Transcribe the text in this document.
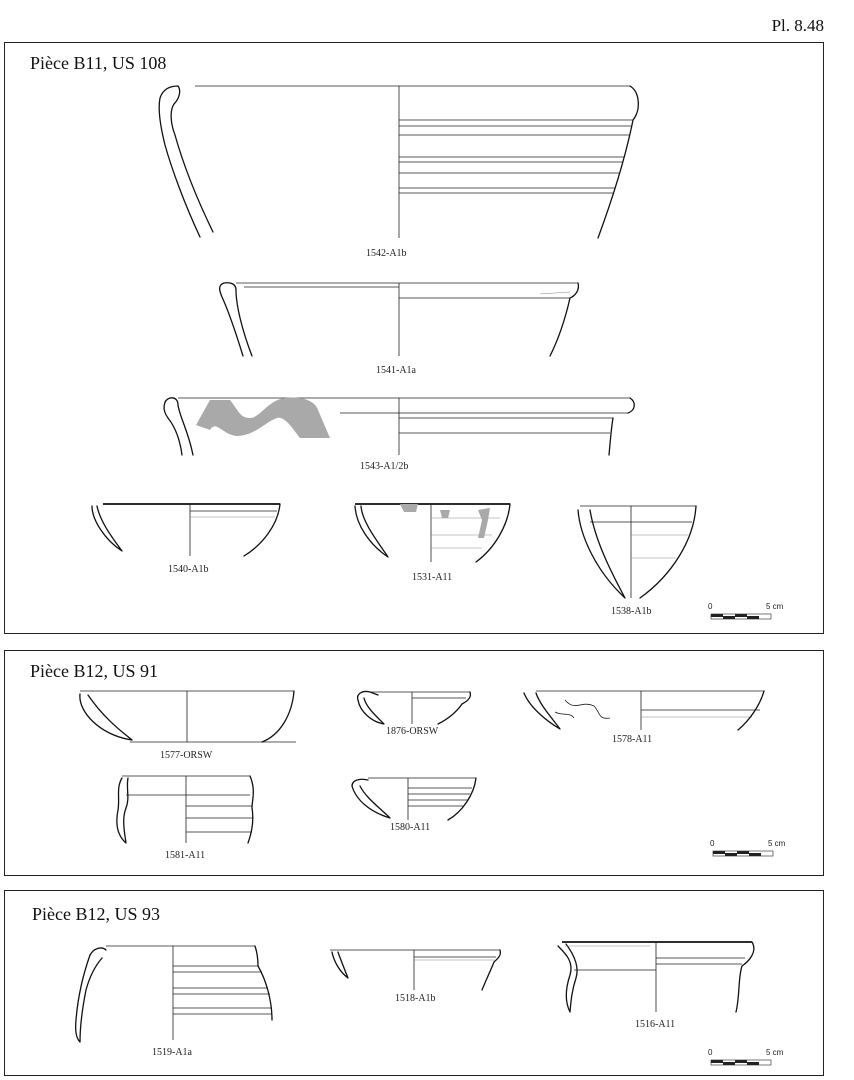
Pl. 8.48
Pièce B11, US 108
Pièce B12, US 91
Pièce B12, US 93
1542-A1b
1541-A1a
1543-A1/2b
1540-A1b
1531-A11
1538-A1b	0	5 cm
1577-ORSW
1876-ORSW
1578-A11
1581-A11
1580-A11
0	5 cm
1519-A1a
1518-A1b
1516-A11
0	5 cm
